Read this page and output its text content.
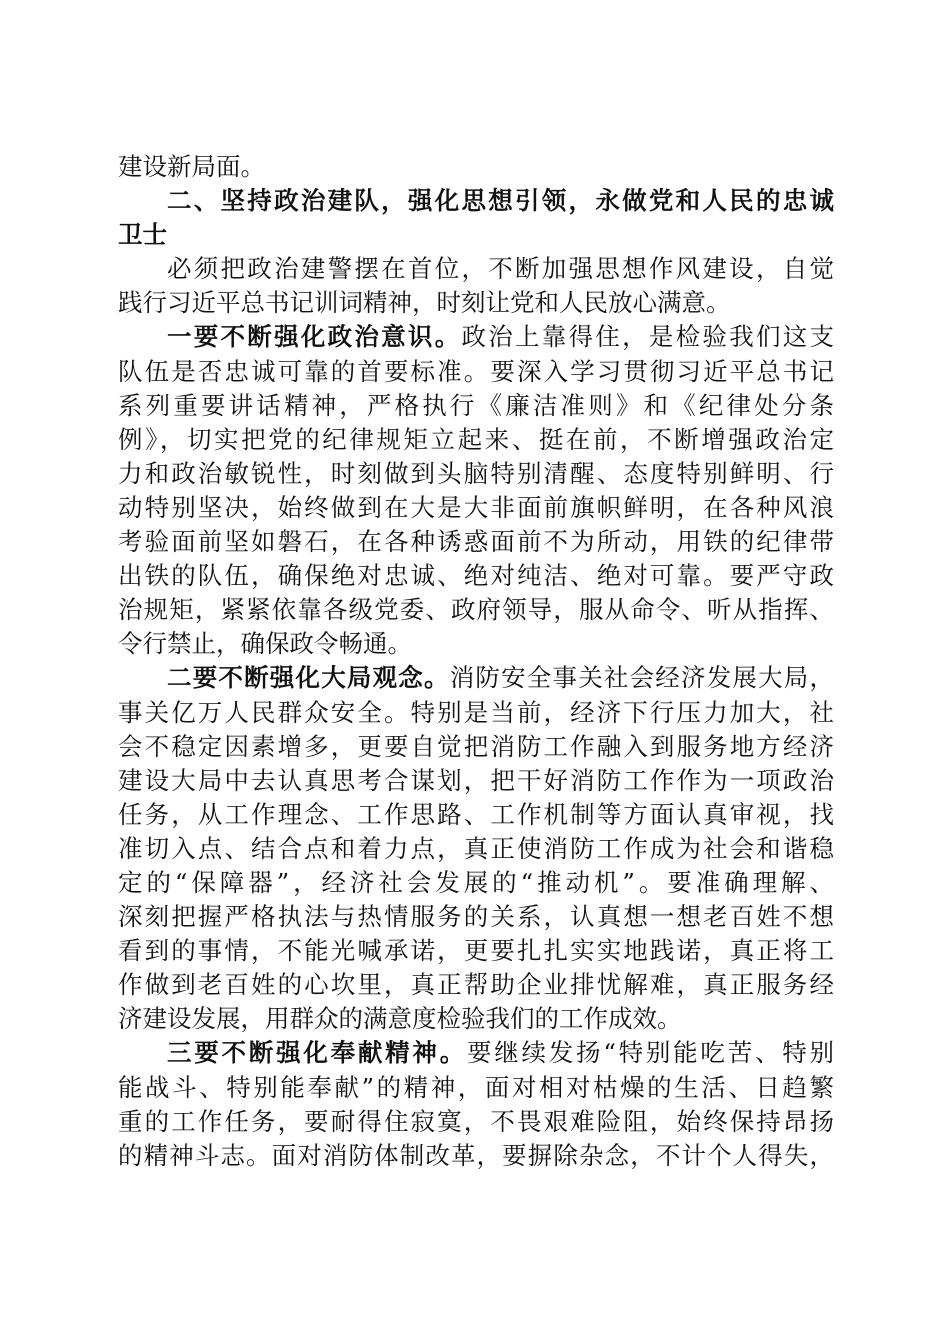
建设新局面。

二、坚持政治建队，强化思想引领，永做党和人民的忠诚

卫士

必须把政治建警摆在首位，不断加强思想作风建设，自觉

践行习近平总书记训词精神，时刻让党和人民放心满意。

一要不断强化政治意识。政治上靠得住，是检验我们这支

队伍是否忠诚可靠的首要标准。要深入学习贯彻习近平总书记

系列重要讲话精神，严格执行《廉洁准则》和《纪律处分条

例》，切实把党的纪律规矩立起来、挺在前，不断增强政治定

力和政治敏锐性，时刻做到头脑特别清醒、态度特别鲜明、行

动特别坚决，始终做到在大是大非面前旗帜鲜明，在各种风浪

考验面前坚如磐石，在各种诱惑面前不为所动，用铁的纪律带

出铁的队伍，确保绝对忠诚、绝对纯洁、绝对可靠。要严守政

治规矩，紧紧依靠各级党委、政府领导，服从命令、听从指挥、

令行禁止，确保政令畅通。

二要不断强化大局观念。消防安全事关社会经济发展大局，

事关亿万人民群众安全。特别是当前，经济下行压力加大，社

会不稳定因素增多，更要自觉把消防工作融入到服务地方经济

建设大局中去认真思考合谋划，把干好消防工作作为一项政治

任务，从工作理念、工作思路、工作机制等方面认真审视，找

准切入点、结合点和着力点，真正使消防工作成为社会和谐稳

定的“保障器”，经济社会发展的“推动机”。要准确理解、

深刻把握严格执法与热情服务的关系，认真想一想老百姓不想

看到的事情，不能光喊承诺，更要扎扎实实地践诺，真正将工

作做到老百姓的心坎里，真正帮助企业排忧解难，真正服务经

济建设发展，用群众的满意度检验我们的工作成效。

三要不断强化奉献精神。要继续发扬“特别能吃苦、特别

能战斗、特别能奉献”的精神，面对相对枯燥的生活、日趋繁

重的工作任务，要耐得住寂寞，不畏艰难险阻，始终保持昂扬

的精神斗志。面对消防体制改革，要摒除杂念，不计个人得失，
